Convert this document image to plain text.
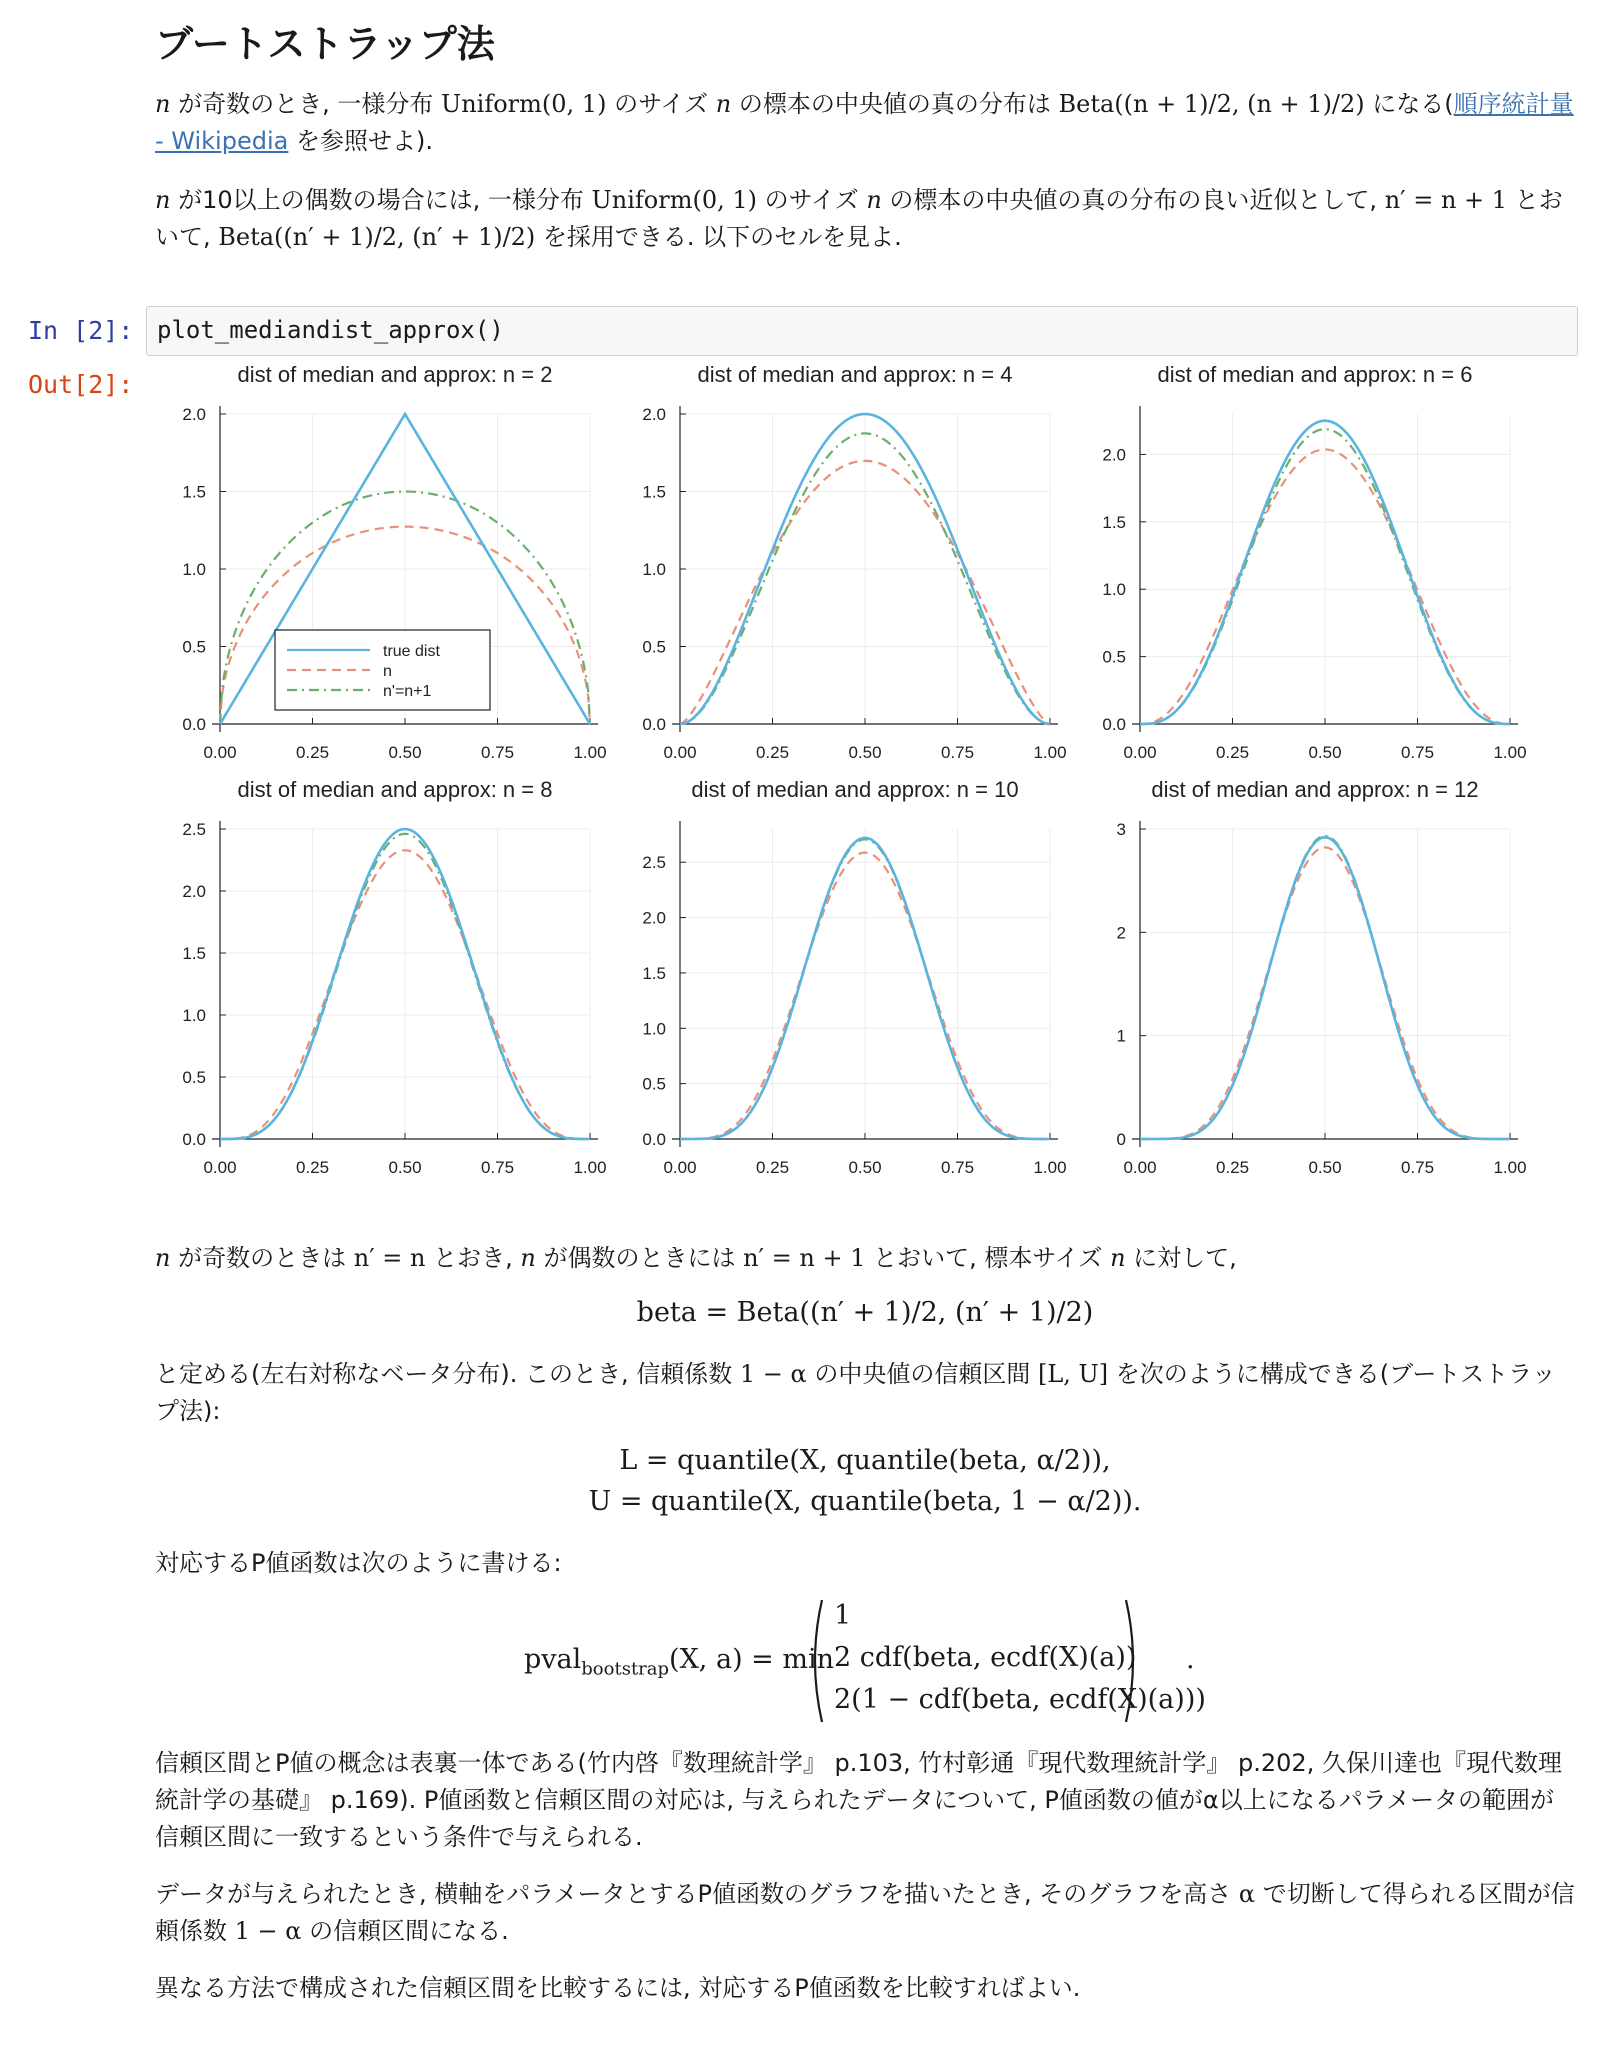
ブートストラップ法
n が奇数のとき, 一様分布 Uniform(0, 1) のサイズ n の標本の中央値の真の分布は Beta((n + 1)/2, (n + 1)/2) になる(順序統計量 - Wikipedia を参照せよ).
n が10以上の偶数の場合には, 一様分布 Uniform(0, 1) のサイズ n の標本の中央値の真の分布の良い近似として, n′ = n + 1 とおいて, Beta((n′ + 1)/2, (n′ + 1)/2) を採用できる. 以下のセルを見よ.
In [2]: plot_mediandist_approx()
Out[2]:	dist of median and approx: n = 2
0.0
0.5
1.0
1.5
2.0
0.00	0.25	0.50	0.75	1.00
true dist
n
n'=n+1
dist of median and approx: n = 4
0.0
0.5
1.0
1.5
2.0
0.00	0.25	0.50	0.75	1.00
dist of median and approx: n = 6
0.0
0.5
1.0
1.5
2.0
0.00	0.25	0.50	0.75	1.00
dist of median and approx: n = 8
0.0
0.5
1.0
1.5
2.0
2.5
0.00	0.25	0.50	0.75	1.00
dist of median and approx: n = 10
0.0
0.5
1.0
1.5
2.0
2.5
0.00	0.25	0.50	0.75	1.00
dist of median and approx: n = 12
0
1
2
3
0.00	0.25	0.50	0.75	1.00
n が奇数のときは n′ = n とおき, n が偶数のときには n′ = n + 1 とおいて, 標本サイズ n に対して,
beta = Beta((n′ + 1)/2, (n′ + 1)/2)
と定める(左右対称なベータ分布). このとき, 信頼係数 1 − α の中央値の信頼区間 [L, U] を次のように構成できる(ブートストラップ法):
L = quantile(X, quantile(beta, α/2)),
U = quantile(X, quantile(beta, 1 − α/2)).
対応するP値函数は次のように書ける:
pval$_{bootstrap}$(X, a) = min
1
2 cdf(beta, ecdf(X)(a))
2(1 − cdf(beta, ecdf(X)(a)))
.
信頼区間とP値の概念は表裏一体である(竹内啓『数理統計学』 p.103, 竹村彰通『現代数理統計学』 p.202, 久保川達也『現代数理統計学の基礎』 p.169). P値函数と信頼区間の対応は, 与えられたデータについて, P値函数の値がα以上になるパラメータの範囲が信頼区間に一致するという条件で与えられる.
データが与えられたとき, 横軸をパラメータとするP値函数のグラフを描いたとき, そのグラフを高さ α で切断して得られる区間が信頼係数 1 − α の信頼区間になる.
異なる方法で構成された信頼区間を比較するには, 対応するP値函数を比較すればよい.
